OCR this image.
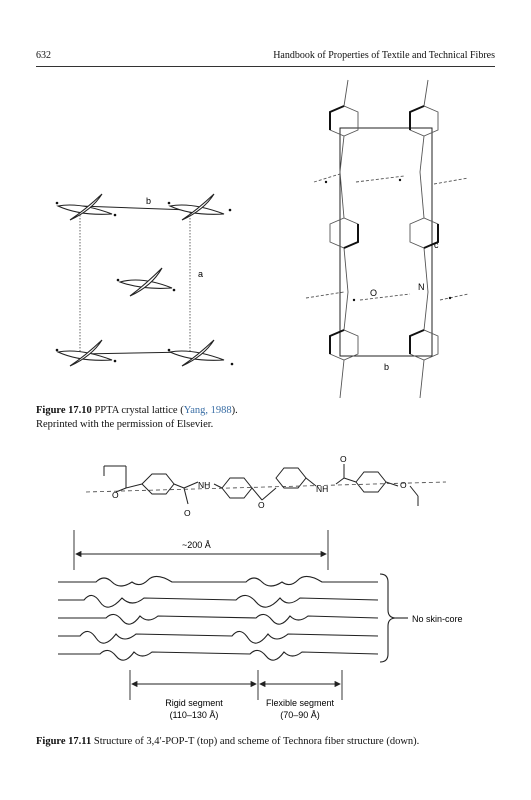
632	Handbook of Properties of Textile and Technical Fibres
b
a
c
O
N
b
Figure 17.10 PPTA crystal lattice (Yang, 1988).
Reprinted with the permission of Elsevier.
O
NH
O
O
NH
O
O
~200 Å
No skin-core
Rigid segment
(110–130 Å)
Flexible segment
(70–90 Å)
Figure 17.11 Structure of 3,4′-POP-T (top) and scheme of Technora fiber structure (down).
